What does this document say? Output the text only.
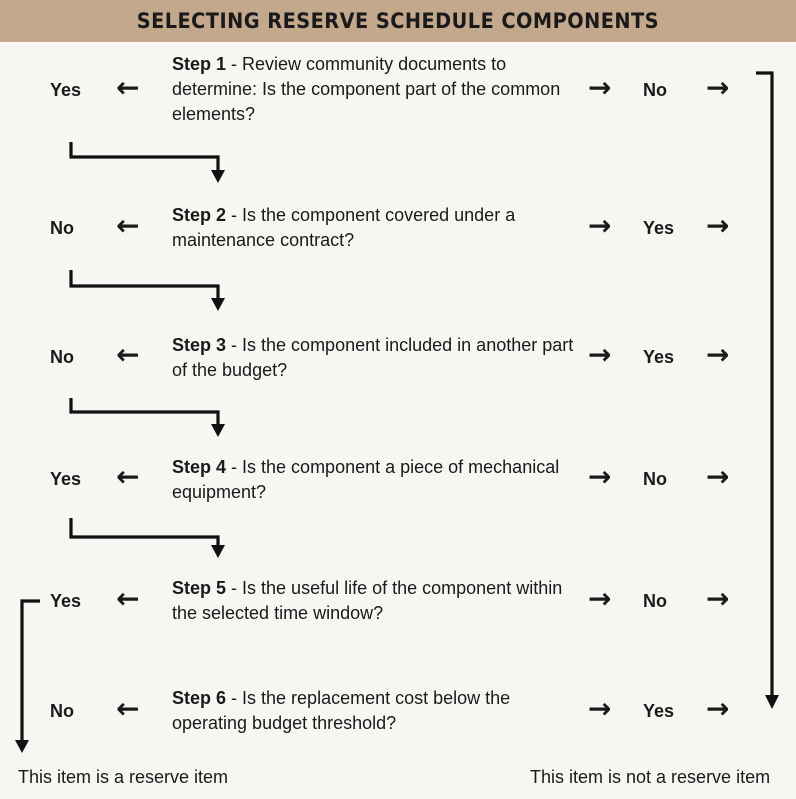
SELECTING RESERVE SCHEDULE COMPONENTS
Step 1 - Review community documents to determine: Is the component part of the common elements?
Yes ←	→ No →
Step 2 - Is the component covered under a maintenance contract?
No ←	→ Yes →
Step 3 - Is the component included in another part of the budget?
No ←	→ Yes →
Step 4 - Is the component a piece of mechanical equipment?
Yes ←	→ No →
Step 5 - Is the useful life of the component within the selected time window?
Yes ←	→ No →
Step 6 - Is the replacement cost below the operating budget threshold?
No ←	→ Yes →
This item is a reserve item	This item is not a reserve item
